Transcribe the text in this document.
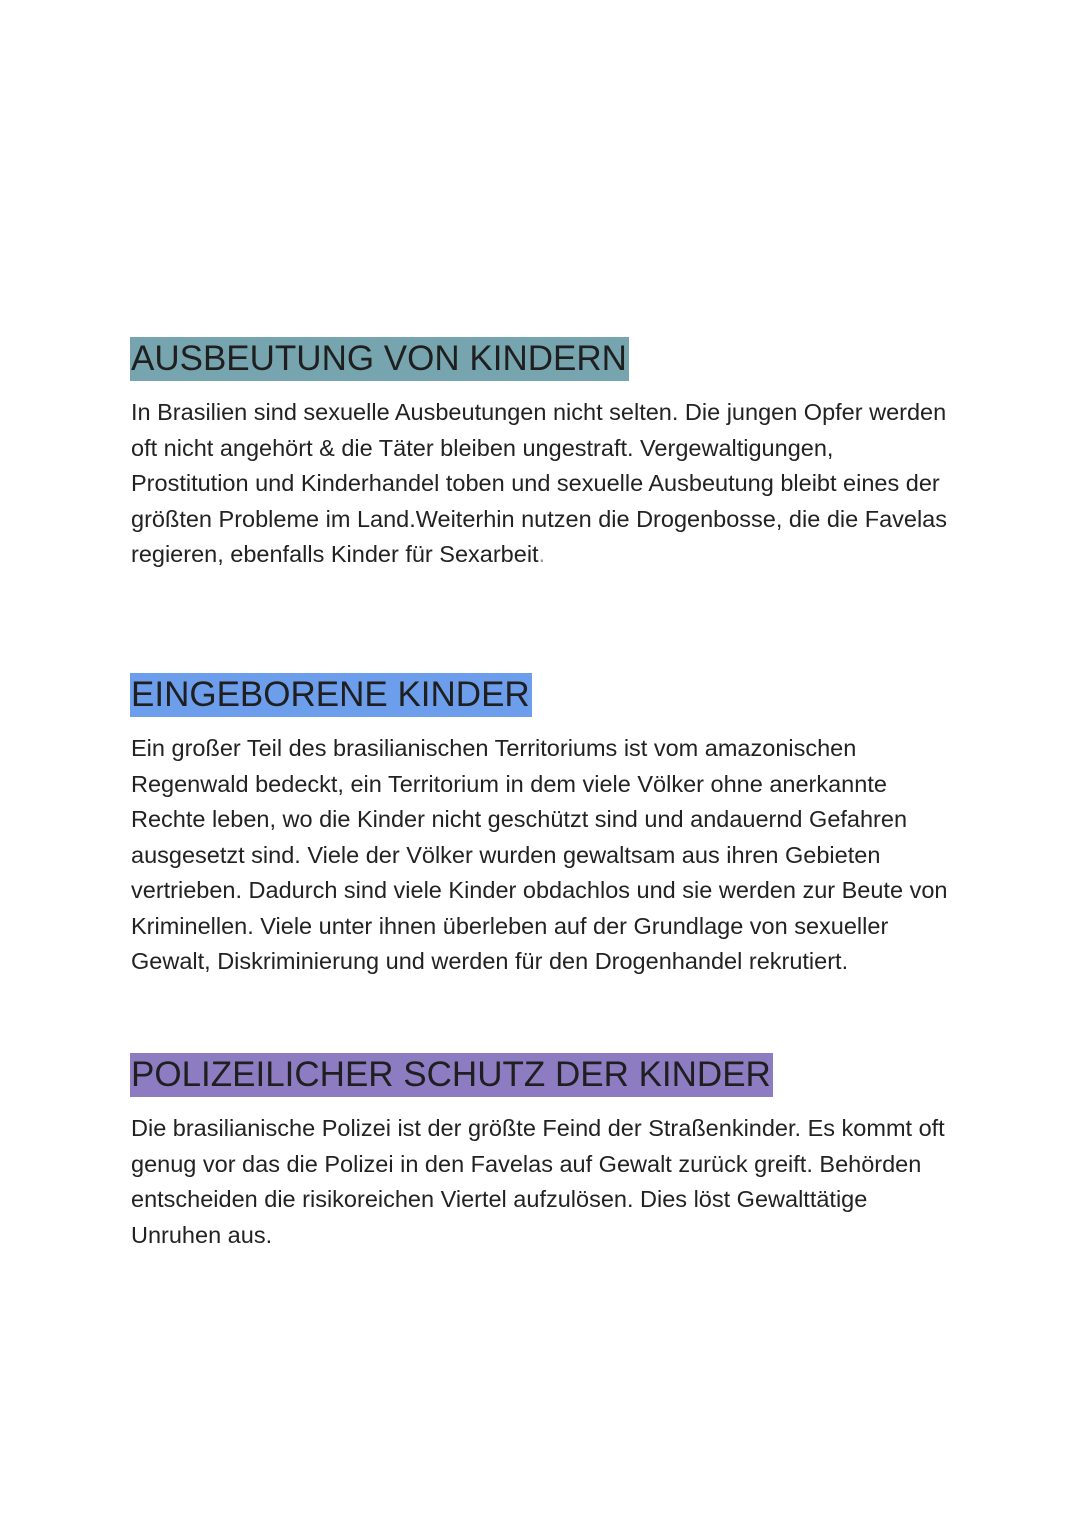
AUSBEUTUNG VON KINDERN
In Brasilien sind sexuelle Ausbeutungen nicht selten. Die jungen Opfer werden oft nicht angehört & die Täter bleiben ungestraft. Vergewaltigungen, Prostitution und Kinderhandel toben und sexuelle Ausbeutung bleibt eines der größten Probleme im Land.Weiterhin nutzen die Drogenbosse, die die Favelas regieren, ebenfalls Kinder für Sexarbeit.
EINGEBORENE KINDER
Ein großer Teil des brasilianischen Territoriums ist vom amazonischen Regenwald bedeckt, ein Territorium in dem viele Völker ohne anerkannte Rechte leben, wo die Kinder nicht geschützt sind und andauernd Gefahren ausgesetzt sind. Viele der Völker wurden gewaltsam aus ihren Gebieten vertrieben. Dadurch sind viele Kinder obdachlos und sie werden zur Beute von Kriminellen. Viele unter ihnen überleben auf der Grundlage von sexueller Gewalt, Diskriminierung und werden für den Drogenhandel rekrutiert.
POLIZEILICHER SCHUTZ DER KINDER
Die brasilianische Polizei ist der größte Feind der Straßenkinder. Es kommt oft genug vor das die Polizei in den Favelas auf Gewalt zurück greift. Behörden entscheiden die risikoreichen Viertel aufzulösen. Dies löst Gewalttätige Unruhen aus.
